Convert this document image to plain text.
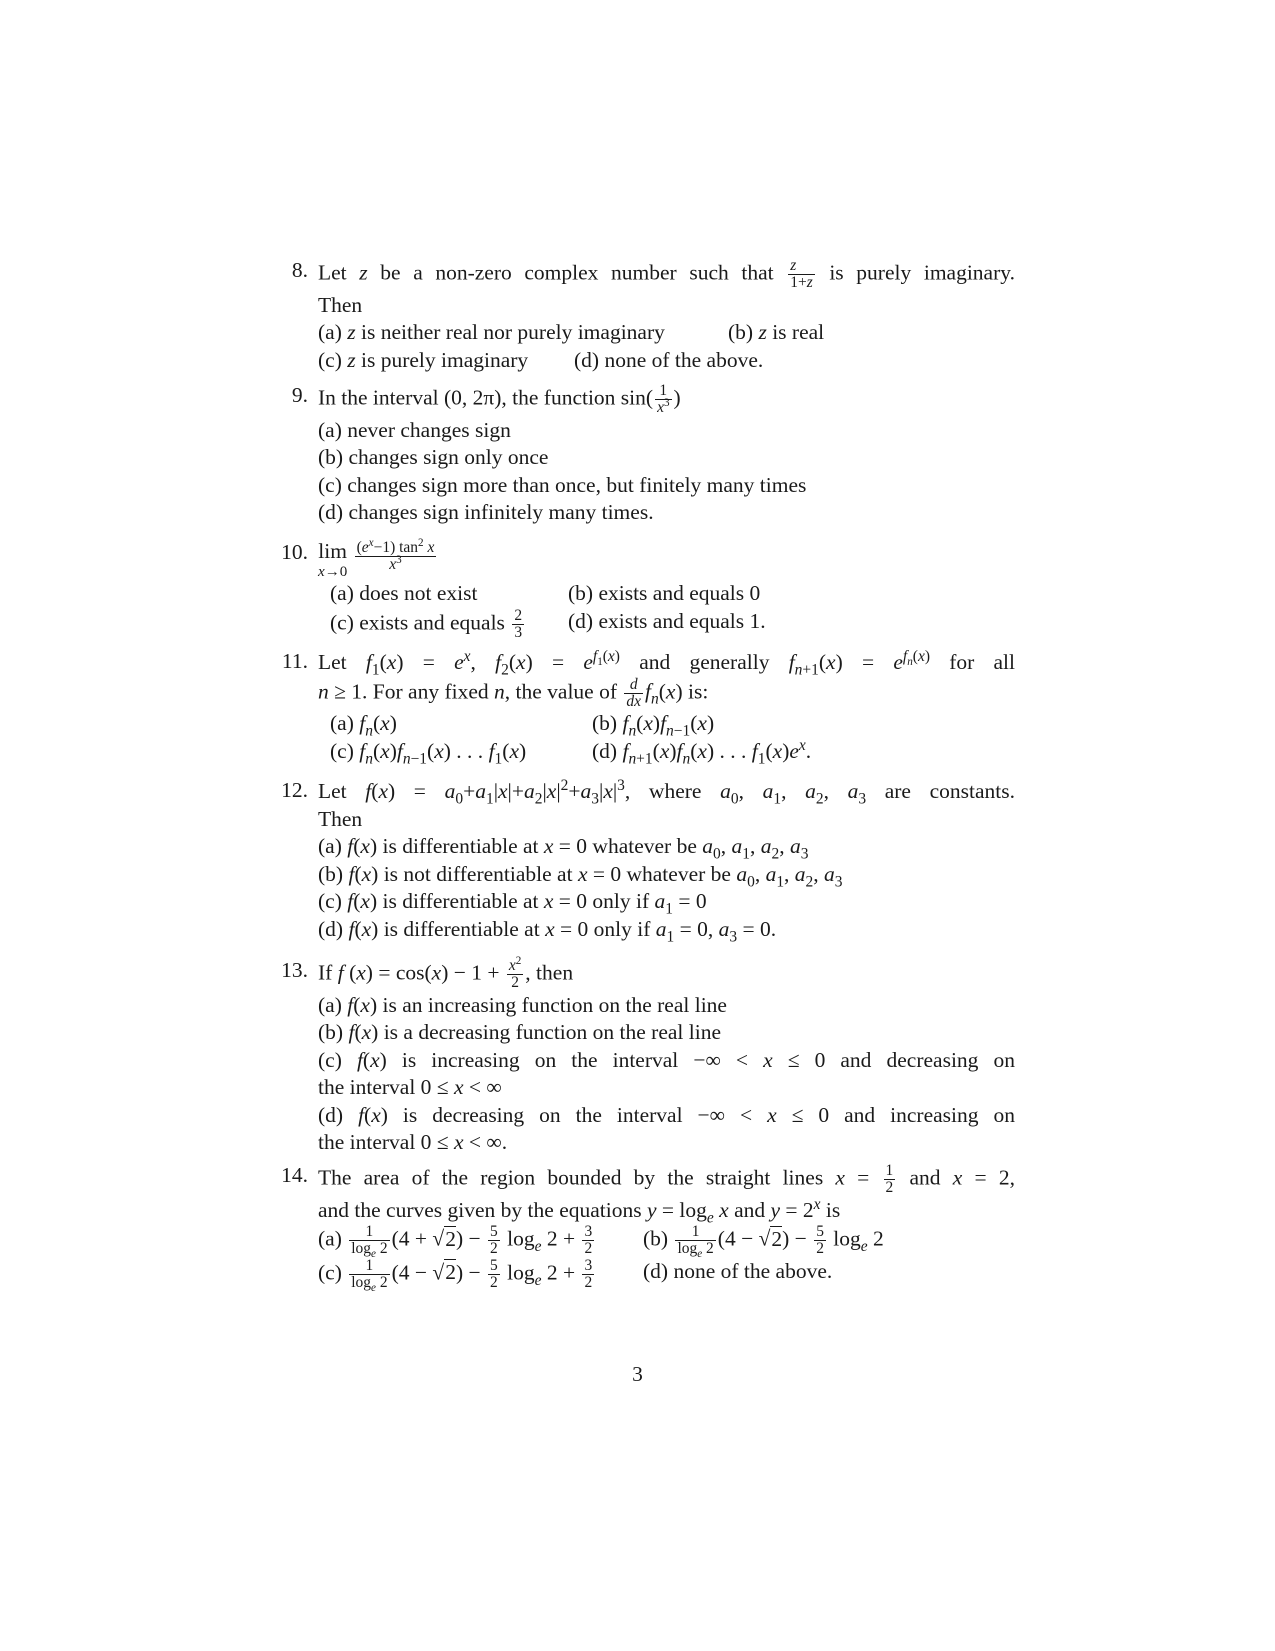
8. Let z be a non-zero complex number such that $\frac{z}{1+z}$ is purely imaginary.
Then
(a) z is neither real nor purely imaginary	(b) z is real
(c) z is purely imaginary	(d) none of the above.
9. In the interval (0, 2π), the function $\sin( \frac{1}{x^3}$ )
(a) never changes sign
(b) changes sign only once
(c) changes sign more than once, but finitely many times
(d) changes sign infinitely many times.
10. lim
x→0
$\frac{(e^x-1) \tan^2 x}{x^3}$
(a) does not exist	(b) exists and equals 0
(c) exists and equals $\frac{2}{3} (d)$ exists and equals 1.
11. Let $f_1(x) = e^x$, $f_2(x) = e^{f_1(x)}$ and generally $f_{n+1}(x) = e^{f_n(x)}$ for all
n ≥ 1. For any fixed n, the value of $\frac{d}{dx} f_n(x)$ is:
(a) $f_n(x)$	(b) $f_n(x)f_{n-1}(x)$
(c) $f_n(x)f_{n-1}(x)$ . . . $f_1(x)$	(d) $f_{n+1}(x)f_n(x)$ . . . $f_1(x)e^x$.
12. Let $f(x) = a_0+a_1|x|+a_2|x|^2+a_3|x|^3$, where $a_0$, $a_1$, $a_2$, $a_3$ are constants.
Then
(a) f(x) is differentiable at x = 0 whatever be $a_0$, $a_1$, $a_2$, $a_3$
(b) f(x) is not differentiable at x = 0 whatever be $a_0$, $a_1$, $a_2$, $a_3$
(c) f(x) is differentiable at x = 0 only if $a_1 = 0$
(d) f(x) is differentiable at x = 0 only if $a_1 = 0$, $a_3 = 0$.
13. If f $(x) = \cos(x) - 1 + \frac{x^2}{2}$ , then
(a) f(x) is an increasing function on the real line
(b) f(x) is a decreasing function on the real line
(c) f(x) is increasing on the interval −∞ < x ≤ 0 and decreasing on
the interval 0 ≤ x < ∞
(d) f(x) is decreasing on the interval −∞ < x ≤ 0 and increasing on
the interval 0 ≤ x < ∞.
14. The area of the region bounded by the straight lines $x = \frac{1}{2}$ and x = 2,
and the curves given by the equations $y = \log_e x$ and $y = 2^x$ is
$(a) \frac{1}{\log_e 2} (4 + √2) - \frac{5}{2} \log_e 2 + \frac{3}{2} (b) \frac{1}{\log_e 2} (4 - √2) - \frac{5}{2} \log_e 2$
$(c) \frac{1}{\log_e 2} (4 - √2) - \frac{5}{2} \log_e 2 + \frac{3}{2} (d)$ none of the above.
3
